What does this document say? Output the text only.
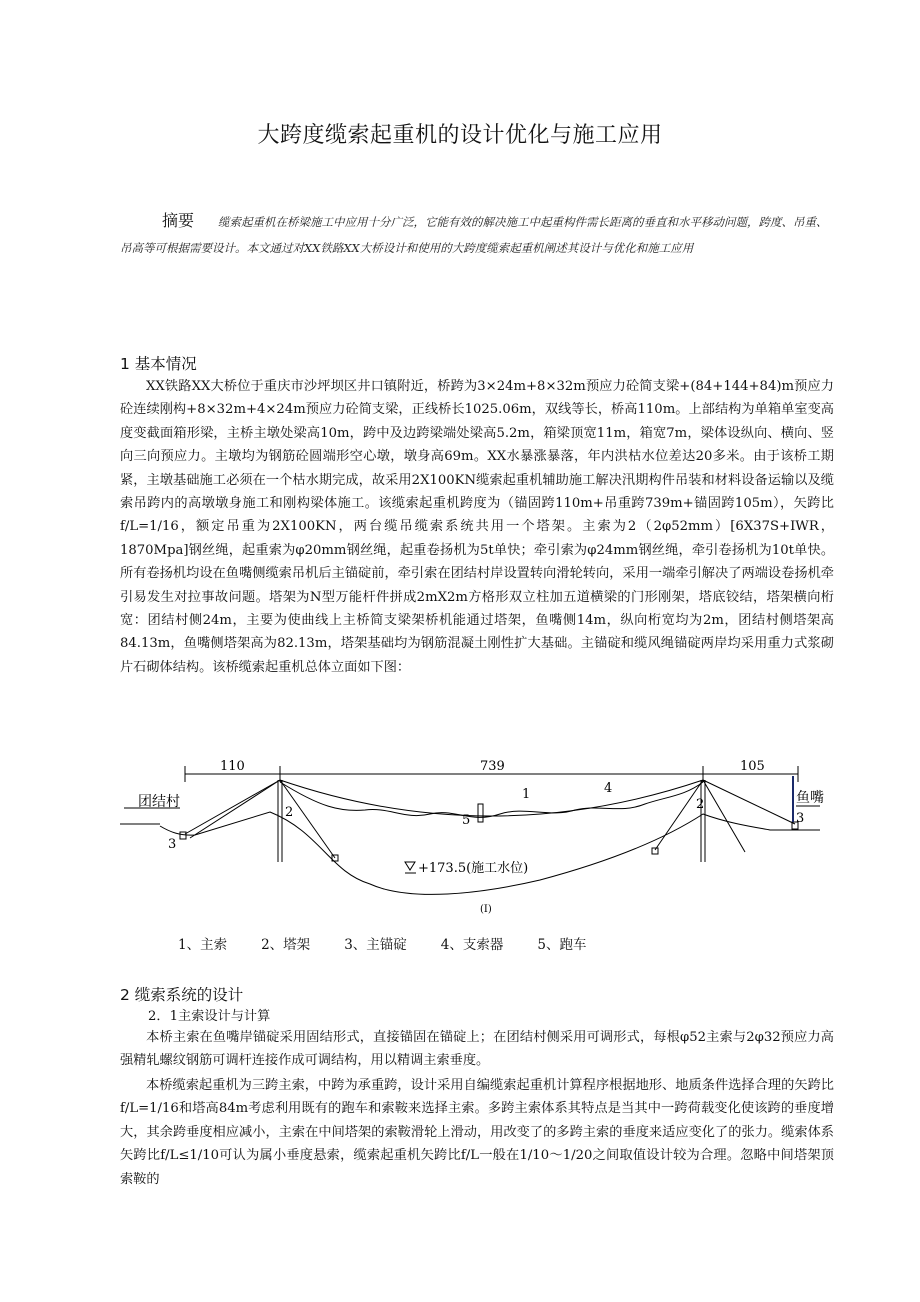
大跨度缆索起重机的设计优化与施工应用
摘要 缆索起重机在桥梁施工中应用十分广泛，它能有效的解决施工中起重构件需长距离的垂直和水平移动问题，跨度、吊重、吊高等可根据需要设计。本文通过对XX铁路XX大桥设计和使用的大跨度缆索起重机阐述其设计与优化和施工应用
1 基本情况
XX铁路XX大桥位于重庆市沙坪坝区井口镇附近，桥跨为3×24m+8×32m预应力砼简支梁+(84+144+84)m预应力砼连续刚构+8×32m+4×24m预应力砼简支梁，正线桥长1025.06m，双线等长，桥高110m。上部结构为单箱单室变高度变截面箱形梁，主桥主墩处梁高10m，跨中及边跨梁端处梁高5.2m，箱梁顶宽11m，箱宽7m，梁体设纵向、横向、竖向三向预应力。主墩均为钢筋砼圆端形空心墩，墩身高69m。XX水暴涨暴落，年内洪枯水位差达20多米。由于该桥工期紧，主墩基础施工必须在一个枯水期完成，故采用2X100KN缆索起重机辅助施工解决汛期构件吊装和材料设备运输以及缆索吊跨内的高墩墩身施工和刚构梁体施工。该缆索起重机跨度为（锚固跨110m+吊重跨739m+锚固跨105m），矢跨比f/L=1/16，额定吊重为2X100KN，两台缆吊缆索系统共用一个塔架。主索为2（2φ52mm）[6X37S+IWR，1870Mpa]钢丝绳，起重索为φ20mm钢丝绳，起重卷扬机为5t单快；牵引索为φ24mm钢丝绳，牵引卷扬机为10t单快。所有卷扬机均设在鱼嘴侧缆索吊机后主锚碇前，牵引索在团结村岸设置转向滑轮转向，采用一端牵引解决了两端设卷扬机牵引易发生对拉事故问题。塔架为N型万能杆件拼成2mX2m方格形双立柱加五道横梁的门形刚架，塔底铰结，塔架横向桁宽：团结村侧24m，主要为使曲线上主桥简支梁架桥机能通过塔架，鱼嘴侧14m，纵向桁宽均为2m，团结村侧塔架高84.13m，鱼嘴侧塔架高为82.13m，塔架基础均为钢筋混凝土刚性扩大基础。主锚碇和缆风绳锚碇两岸均采用重力式浆砌片石砌体结构。该桥缆索起重机总体立面如下图：
110	739	105
团结村	鱼嘴
+173.5(施工水位)
(Ⅰ)
1
2
2
3
3
4
5
1、主索	2、塔架	3、主锚碇	4、支索器	5、跑车
2 缆索系统的设计
2．1主索设计与计算
本桥主索在鱼嘴岸锚碇采用固结形式，直接锚固在锚碇上；在团结村侧采用可调形式，每根φ52主索与2φ32预应力高强精轧螺纹钢筋可调杆连接作成可调结构，用以精调主索垂度。
本桥缆索起重机为三跨主索，中跨为承重跨，设计采用自编缆索起重机计算程序根据地形、地质条件选择合理的矢跨比f/L=1/16和塔高84m考虑利用既有的跑车和索鞍来选择主索。多跨主索体系其特点是当其中一跨荷载变化使该跨的垂度增大，其余跨垂度相应减小，主索在中间塔架的索鞍滑轮上滑动，用改变了的多跨主索的垂度来适应变化了的张力。缆索体系矢跨比f/L≤1/10可认为属小垂度悬索，缆索起重机矢跨比f/L一般在1/10～1/20之间取值设计较为合理。忽略中间塔架顶索鞍的
